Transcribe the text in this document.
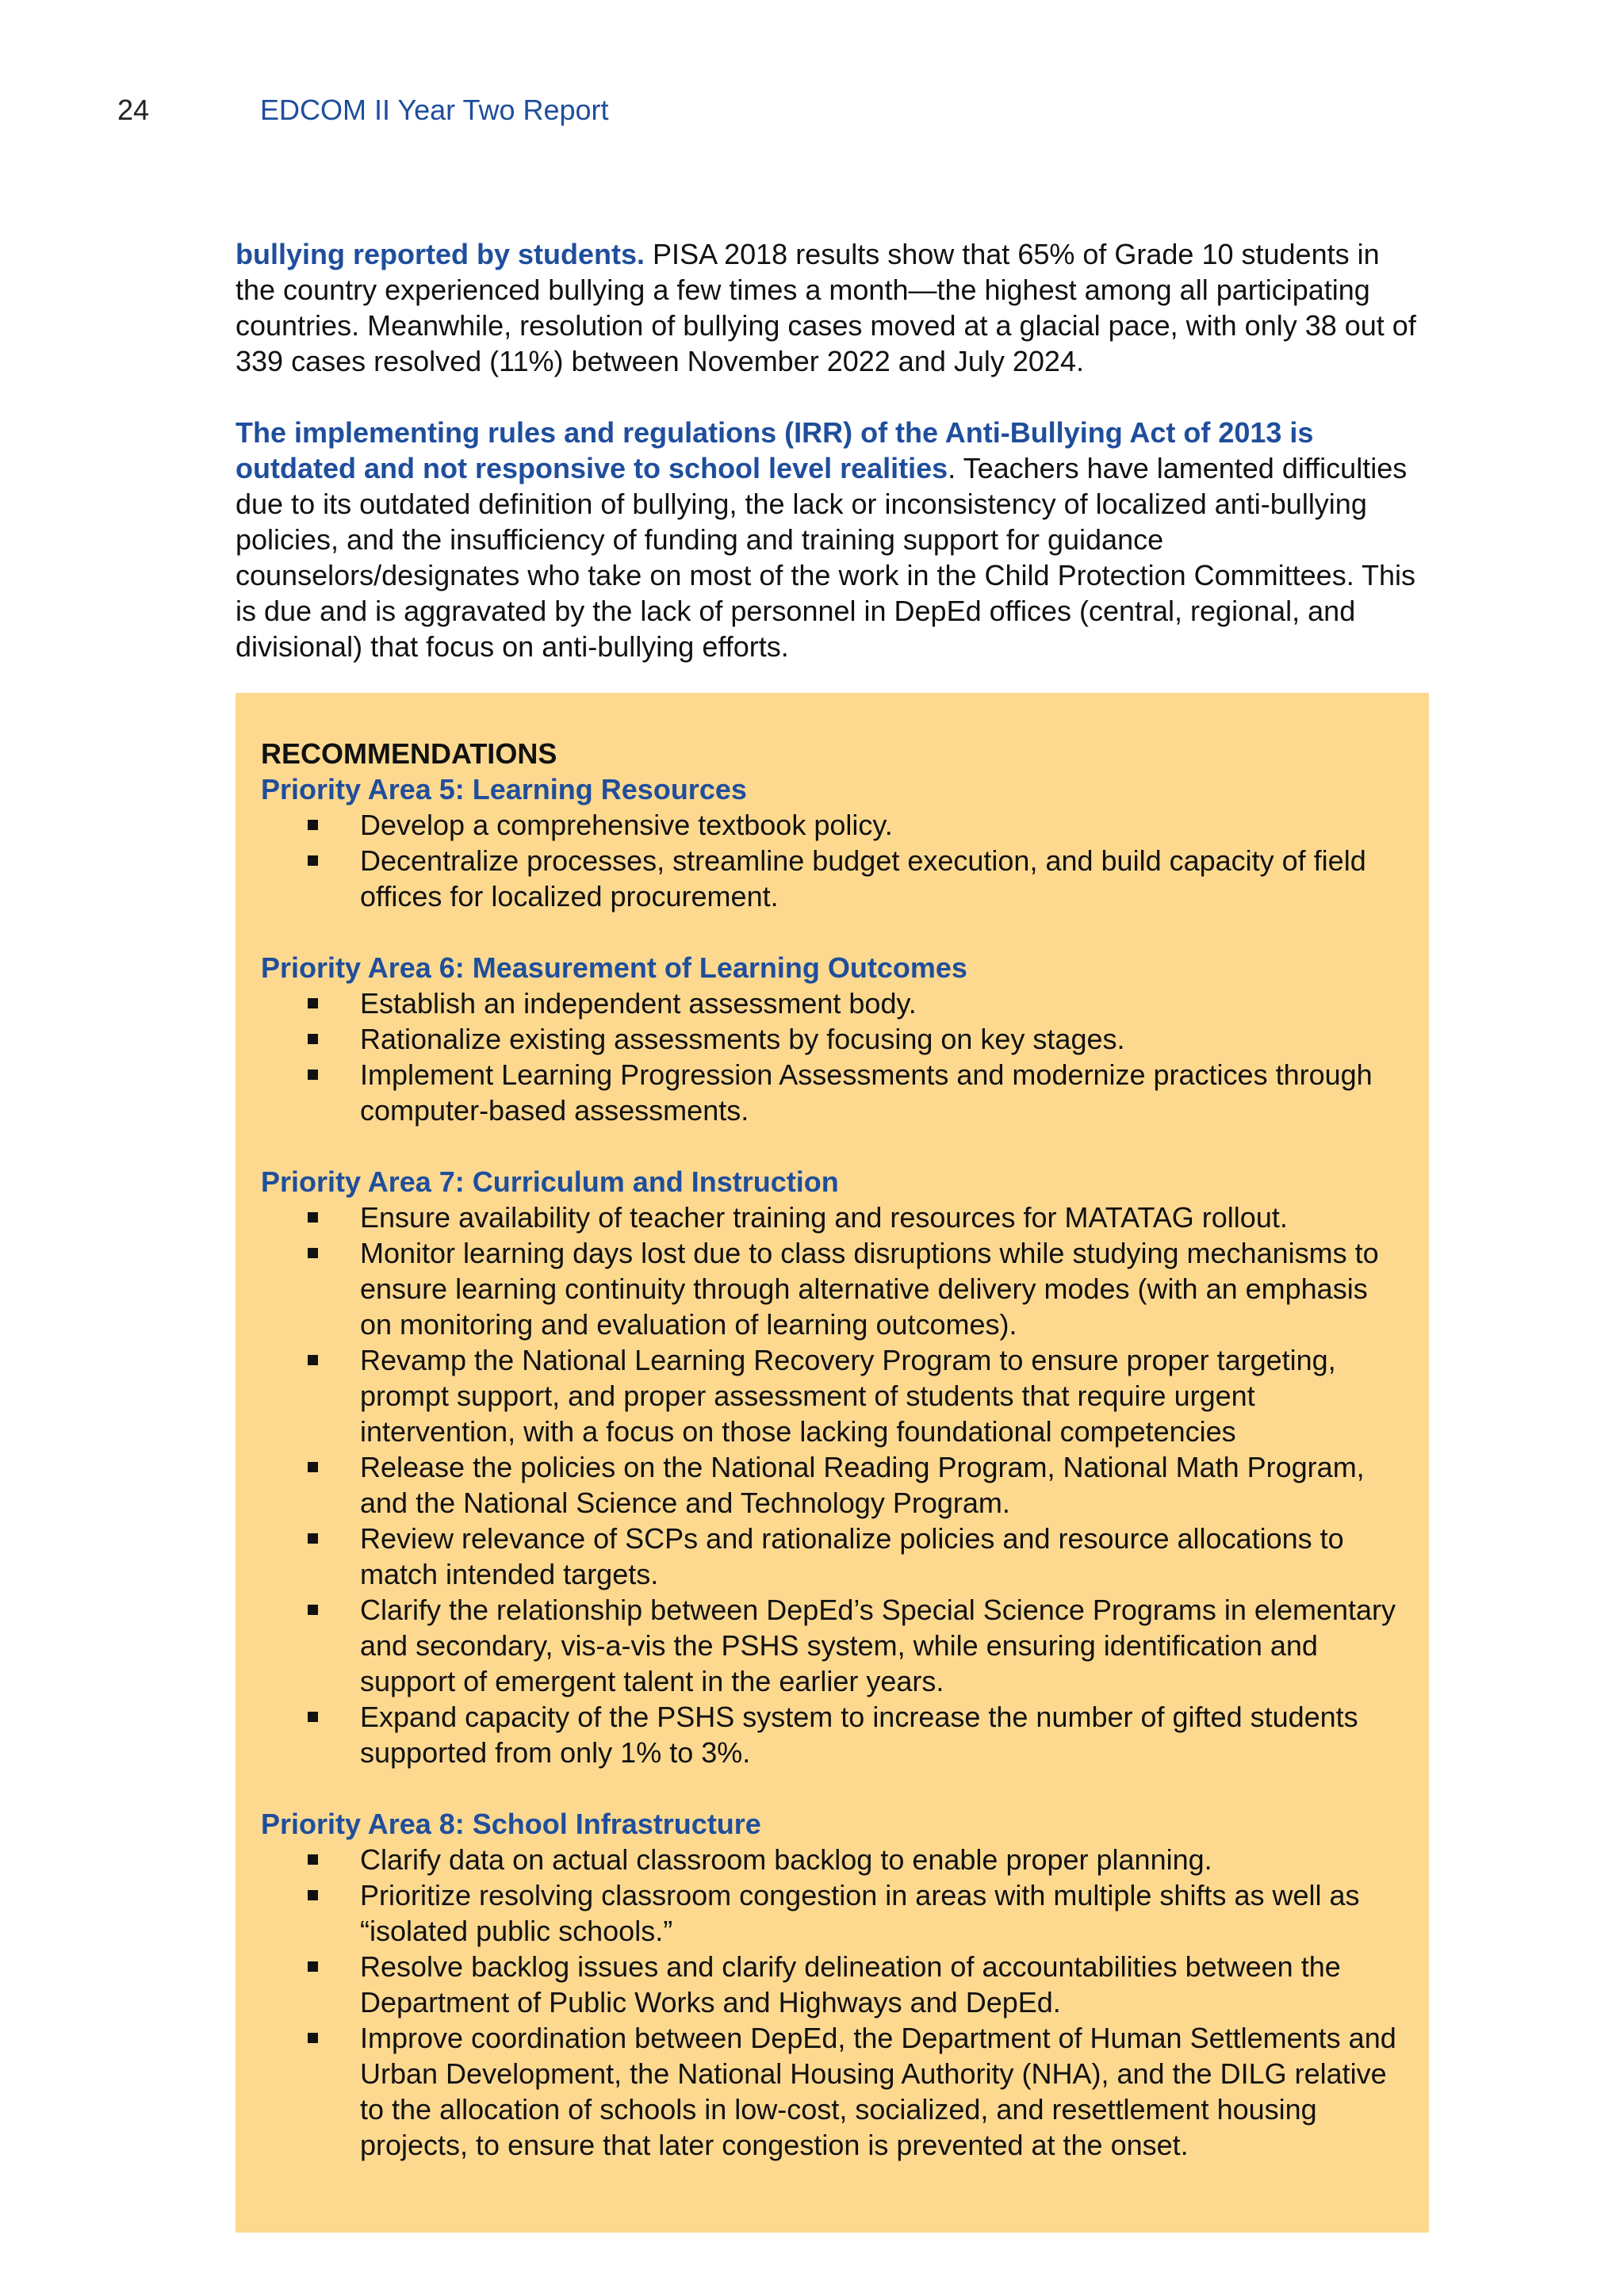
24	EDCOM II Year Two Report

bullying reported by students. PISA 2018 results show that 65% of Grade 10 students in the country experienced bullying a few times a month—the highest among all participating countries. Meanwhile, resolution of bullying cases moved at a glacial pace, with only 38 out of 339 cases resolved (11%) between November 2022 and July 2024.

The implementing rules and regulations (IRR) of the Anti-Bullying Act of 2013 is outdated and not responsive to school level realities. Teachers have lamented difficulties due to its outdated definition of bullying, the lack or inconsistency of localized anti-bullying policies, and the insufficiency of funding and training support for guidance counselors/designates who take on most of the work in the Child Protection Committees. This is due and is aggravated by the lack of personnel in DepEd offices (central, regional, and divisional) that focus on anti-bullying efforts.

RECOMMENDATIONS
Priority Area 5: Learning Resources
Develop a comprehensive textbook policy.
Decentralize processes, streamline budget execution, and build capacity of field offices for localized procurement.
Priority Area 6: Measurement of Learning Outcomes
Establish an independent assessment body.
Rationalize existing assessments by focusing on key stages.
Implement Learning Progression Assessments and modernize practices through computer-based assessments.
Priority Area 7: Curriculum and Instruction
Ensure availability of teacher training and resources for MATATAG rollout.
Monitor learning days lost due to class disruptions while studying mechanisms to ensure learning continuity through alternative delivery modes (with an emphasis on monitoring and evaluation of learning outcomes).
Revamp the National Learning Recovery Program to ensure proper targeting, prompt support, and proper assessment of students that require urgent intervention, with a focus on those lacking foundational competencies
Release the policies on the National Reading Program, National Math Program, and the National Science and Technology Program.
Review relevance of SCPs and rationalize policies and resource allocations to match intended targets.
Clarify the relationship between DepEd’s Special Science Programs in elementary and secondary, vis-a-vis the PSHS system, while ensuring identification and support of emergent talent in the earlier years.
Expand capacity of the PSHS system to increase the number of gifted students supported from only 1% to 3%.
Priority Area 8: School Infrastructure
Clarify data on actual classroom backlog to enable proper planning.
Prioritize resolving classroom congestion in areas with multiple shifts as well as “isolated public schools.”
Resolve backlog issues and clarify delineation of accountabilities between the Department of Public Works and Highways and DepEd.
Improve coordination between DepEd, the Department of Human Settlements and Urban Development, the National Housing Authority (NHA), and the DILG relative to the allocation of schools in low-cost, socialized, and resettlement housing projects, to ensure that later congestion is prevented at the onset.
